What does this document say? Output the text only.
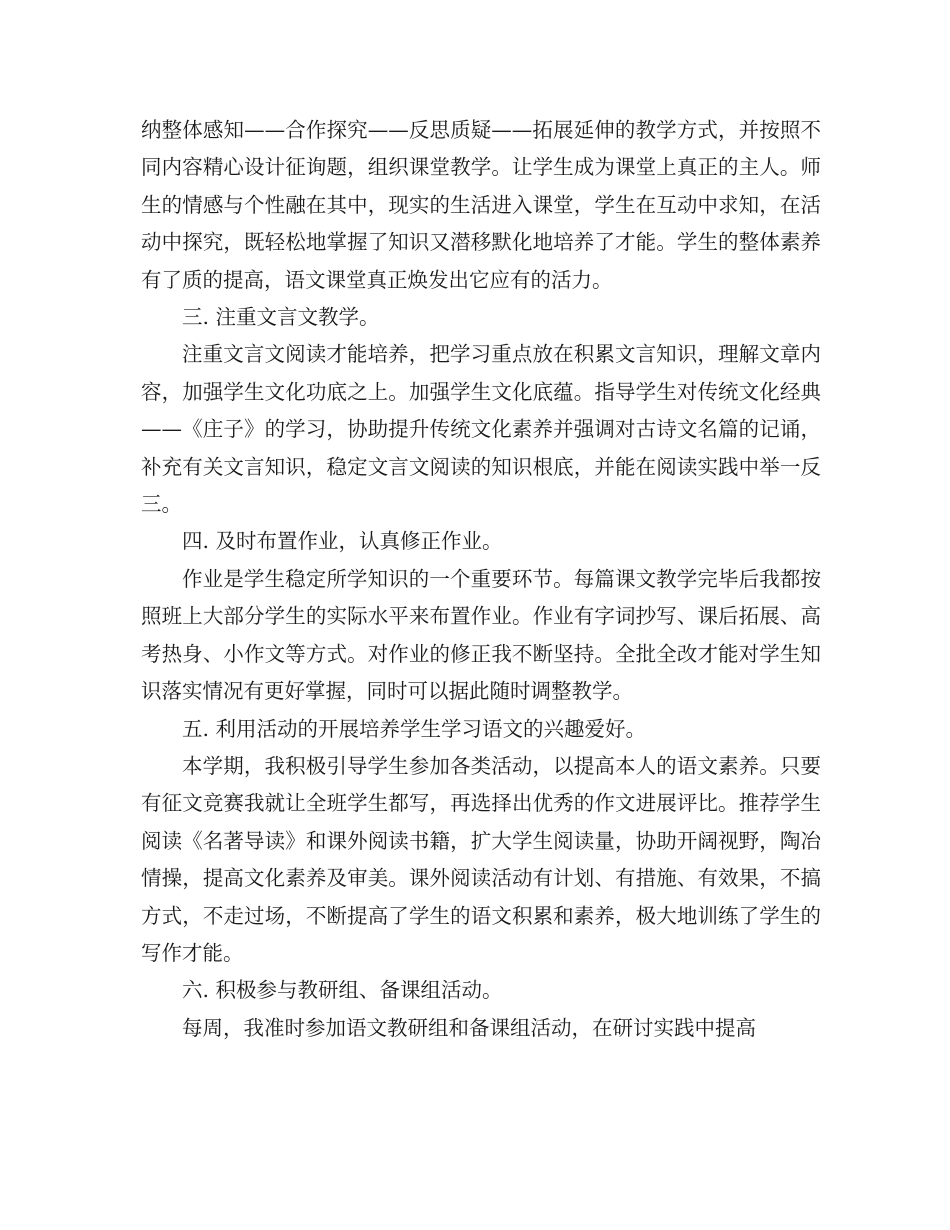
纳整体感知——合作探究——反思质疑——拓展延伸的教学方式，并按照不同内容精心设计征询题，组织课堂教学。让学生成为课堂上真正的主人。师生的情感与个性融在其中，现实的生活进入课堂，学生在互动中求知，在活动中探究，既轻松地掌握了知识又潜移默化地培养了才能。学生的整体素养有了质的提高，语文课堂真正焕发出它应有的活力。

三. 注重文言文教学。

注重文言文阅读才能培养，把学习重点放在积累文言知识，理解文章内容，加强学生文化功底之上。加强学生文化底蕴。指导学生对传统文化经典——《庄子》的学习，协助提升传统文化素养并强调对古诗文名篇的记诵，补充有关文言知识，稳定文言文阅读的知识根底，并能在阅读实践中举一反三。

四. 及时布置作业，认真修正作业。

作业是学生稳定所学知识的一个重要环节。每篇课文教学完毕后我都按照班上大部分学生的实际水平来布置作业。作业有字词抄写、课后拓展、高考热身、小作文等方式。对作业的修正我不断坚持。全批全改才能对学生知识落实情况有更好掌握，同时可以据此随时调整教学。

五. 利用活动的开展培养学生学习语文的兴趣爱好。

本学期，我积极引导学生参加各类活动，以提高本人的语文素养。只要有征文竞赛我就让全班学生都写，再选择出优秀的作文进展评比。推荐学生阅读《名著导读》和课外阅读书籍，扩大学生阅读量，协助开阔视野，陶冶情操，提高文化素养及审美。课外阅读活动有计划、有措施、有效果，不搞方式，不走过场，不断提高了学生的语文积累和素养，极大地训练了学生的写作才能。

六. 积极参与教研组、备课组活动。

每周，我准时参加语文教研组和备课组活动，在研讨实践中提高
